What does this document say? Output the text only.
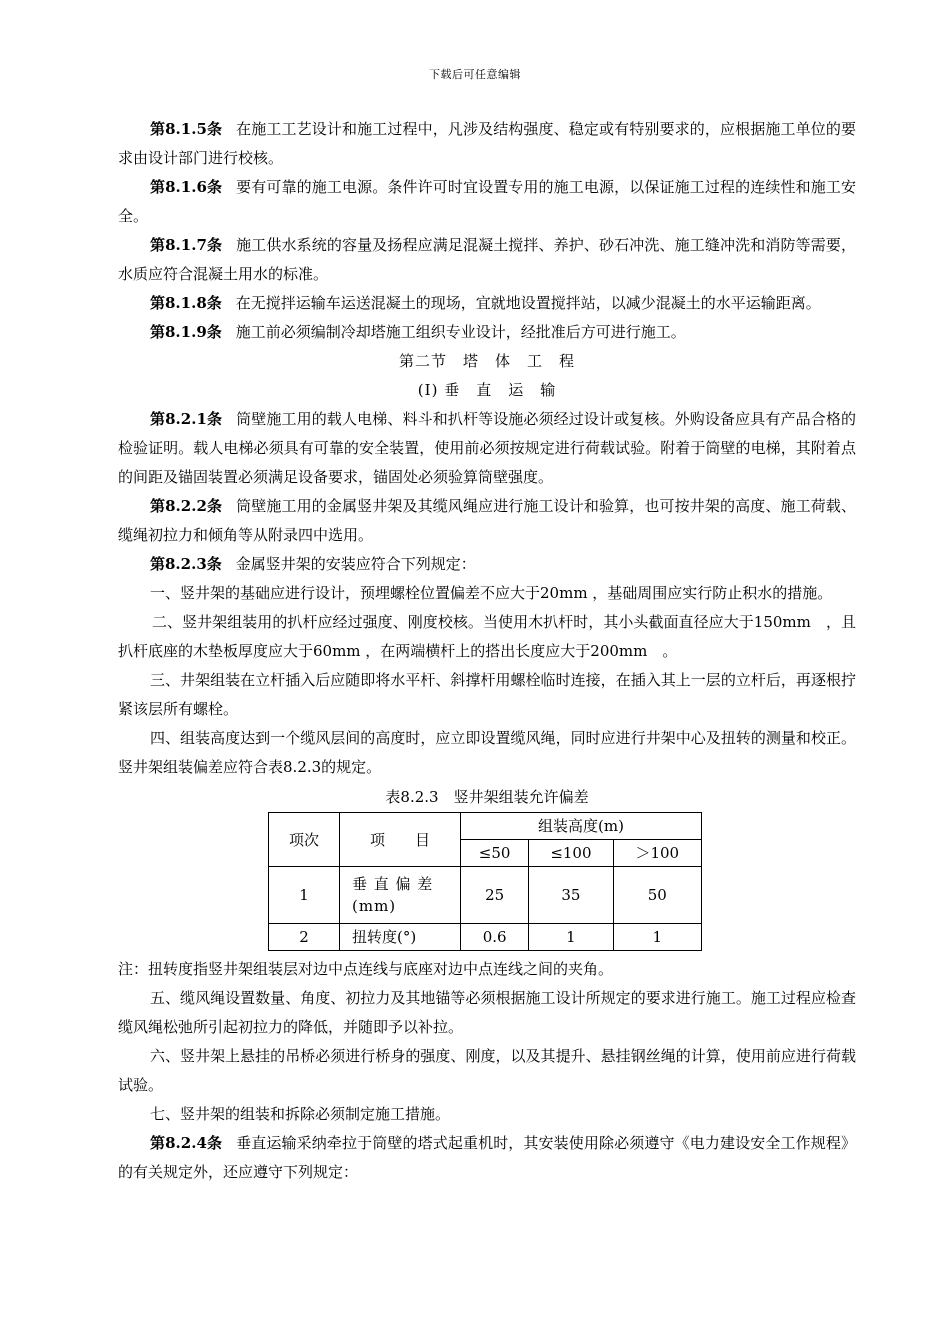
下载后可任意编辑

第8.1.5条 在施工工艺设计和施工过程中，凡涉及结构强度、稳定或有特别要求的，应根据施工单位的要求由设计部门进行校核。

第8.1.6条 要有可靠的施工电源。条件许可时宜设置专用的施工电源，以保证施工过程的连续性和施工安全。

第8.1.7条 施工供水系统的容量及扬程应满足混凝土搅拌、养护、砂石冲洗、施工缝冲洗和消防等需要，水质应符合混凝土用水的标准。

第8.1.8条 在无搅拌运输车运送混凝土的现场，宜就地设置搅拌站，以减少混凝土的水平运输距离。

第8.1.9条 施工前必须编制冷却塔施工组织专业设计，经批准后方可进行施工。

第二节　塔　体　工　程

(Ⅰ) 垂　直　运　输

第8.2.1条 筒壁施工用的载人电梯、料斗和扒杆等设施必须经过设计或复核。外购设备应具有产品合格的检验证明。载人电梯必须具有可靠的安全装置，使用前必须按规定进行荷载试验。附着于筒壁的电梯，其附着点的间距及锚固装置必须满足设备要求，锚固处必须验算筒壁强度。

第8.2.2条 筒壁施工用的金属竖井架及其缆风绳应进行施工设计和验算，也可按井架的高度、施工荷载、缆绳初拉力和倾角等从附录四中选用。

第8.2.3条 金属竖井架的安装应符合下列规定：

一、竖井架的基础应进行设计，预埋螺栓位置偏差不应大于20mm ，基础周围应实行防止积水的措施。

二、竖井架组装用的扒杆应经过强度、刚度校核。当使用木扒杆时，其小头截面直径应大于150mm　，且扒杆底座的木垫板厚度应大于60mm ，在两端横杆上的搭出长度应大于200mm　。

三、井架组装在立杆插入后应随即将水平杆、斜撑杆用螺栓临时连接，在插入其上一层的立杆后，再逐根拧紧该层所有螺栓。

四、组装高度达到一个缆风层间的高度时，应立即设置缆风绳，同时应进行井架中心及扭转的测量和校正。竖井架组装偏差应符合表8.2.3的规定。

表8.2.3　竖井架组装允许偏差
项次	项　　目	组装高度(m)		
		≤50	≤100	＞100
1	垂 直 偏 差 (mm)	25	35	50
2	扭转度(°)	0.6	1	1

注：扭转度指竖井架组装层对边中点连线与底座对边中点连线之间的夹角。

五、缆风绳设置数量、角度、初拉力及其地锚等必须根据施工设计所规定的要求进行施工。施工过程应检查缆风绳松弛所引起初拉力的降低，并随即予以补拉。

六、竖井架上悬挂的吊桥必须进行桥身的强度、刚度，以及其提升、悬挂钢丝绳的计算，使用前应进行荷载试验。

七、竖井架的组装和拆除必须制定施工措施。

第8.2.4条 垂直运输采纳牵拉于筒壁的塔式起重机时，其安装使用除必须遵守《电力建设安全工作规程》的有关规定外，还应遵守下列规定：
